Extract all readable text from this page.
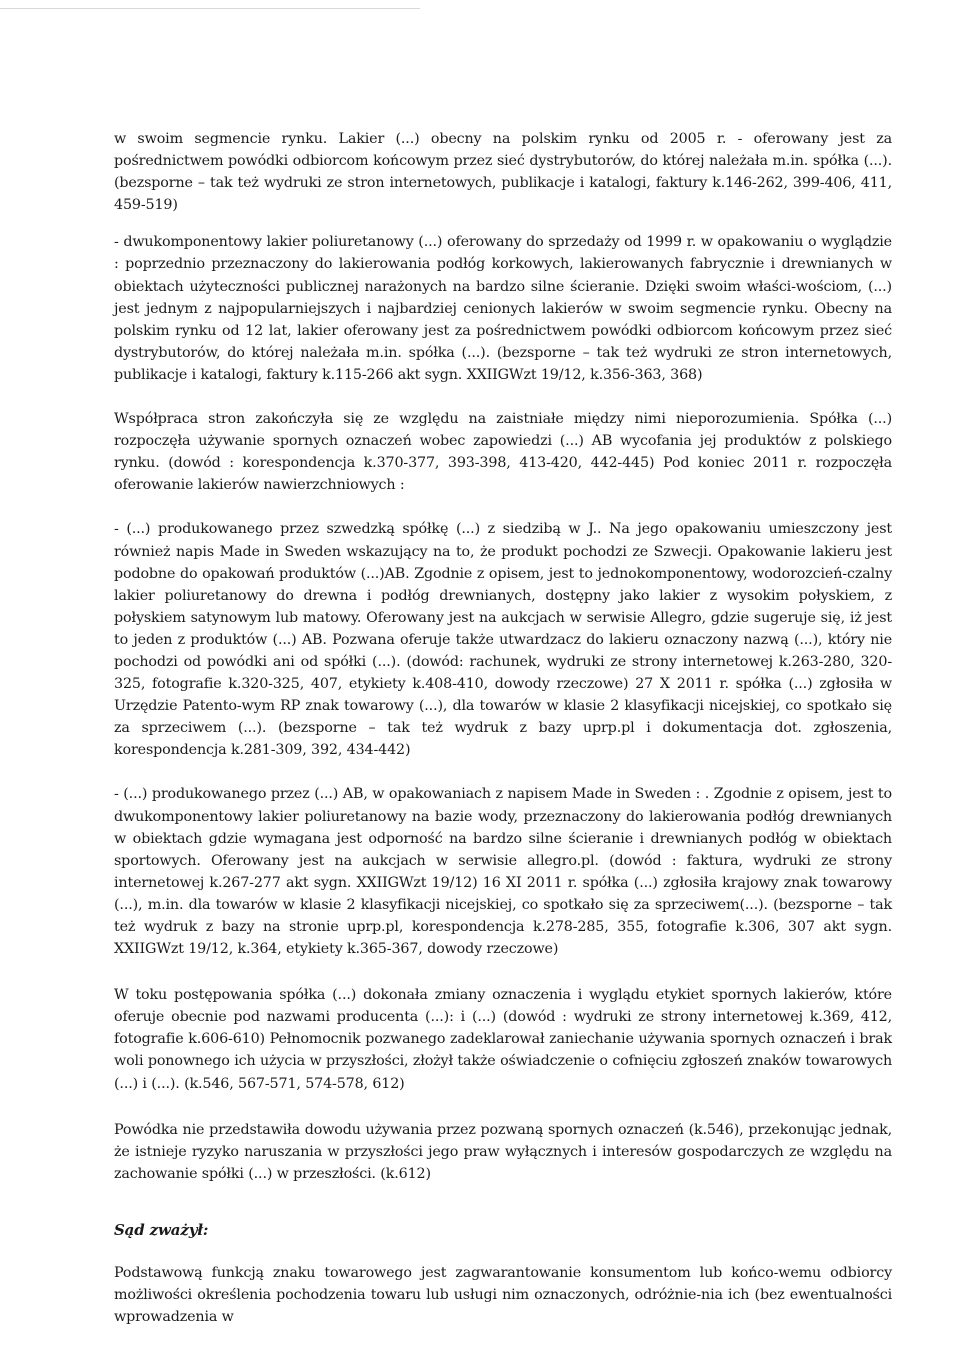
w swoim segmencie rynku. Lakier (...) obecny na polskim rynku od 2005 r. - oferowany jest za pośrednictwem powódki odbiorcom końcowym przez sieć dystrybutorów, do której należała m.in. spółka (...). (bezsporne – tak też wydruki ze stron internetowych, publikacje i katalogi, faktury k.146-262, 399-406, 411, 459-519)

- dwukomponentowy lakier poliuretanowy (...) oferowany do sprzedaży od 1999 r. w opakowaniu o wyglądzie : poprzednio przeznaczony do lakierowania podłóg korkowych, lakierowanych fabrycznie i drewnianych w obiektach użyteczności publicznej narażonych na bardzo silne ścieranie. Dzięki swoim właści-wościom, (...) jest jednym z najpopularniejszych i najbardziej cenionych lakierów w swoim segmencie rynku. Obecny na polskim rynku od 12 lat, lakier oferowany jest za pośrednictwem powódki odbiorcom końcowym przez sieć dystrybutorów, do której należała m.in. spółka (...). (bezsporne – tak też wydruki ze stron internetowych, publikacje i katalogi, faktury k.115-266 akt sygn. XXIIGWzt 19/12, k.356-363, 368)

Współpraca stron zakończyła się ze względu na zaistniałe między nimi nieporozumienia. Spółka (...) rozpoczęła używanie spornych oznaczeń wobec zapowiedzi (...) AB wycofania jej produktów z polskiego rynku. (dowód : korespondencja k.370-377, 393-398, 413-420, 442-445) Pod koniec 2011 r. rozpoczęła oferowanie lakierów nawierzchniowych :

- (...) produkowanego przez szwedzką spółkę (...) z siedzibą w J.. Na jego opakowaniu umieszczony jest również napis Made in Sweden wskazujący na to, że produkt pochodzi ze Szwecji. Opakowanie lakieru jest podobne do opakowań produktów (...)AB. Zgodnie z opisem, jest to jednokomponentowy, wodorozcień-czalny lakier poliuretanowy do drewna i podłóg drewnianych, dostępny jako lakier z wysokim połyskiem, z połyskiem satynowym lub matowy. Oferowany jest na aukcjach w serwisie Allegro, gdzie sugeruje się, iż jest to jeden z produktów (...) AB. Pozwana oferuje także utwardzacz do lakieru oznaczony nazwą (...), który nie pochodzi od powódki ani od spółki (...). (dowód: rachunek, wydruki ze strony internetowej k.263-280, 320-325, fotografie k.320-325, 407, etykiety k.408-410, dowody rzeczowe) 27 X 2011 r. spółka (...) zgłosiła w Urzędzie Patento-wym RP znak towarowy (...), dla towarów w klasie 2 klasyfikacji nicejskiej, co spotkało się za sprzeciwem (...). (bezsporne – tak też wydruk z bazy uprp.pl i dokumentacja dot. zgłoszenia, korespondencja k.281-309, 392, 434-442)

- (...) produkowanego przez (...) AB, w opakowaniach z napisem Made in Sweden : . Zgodnie z opisem, jest to dwukomponentowy lakier poliuretanowy na bazie wody, przeznaczony do lakierowania podłóg drewnianych w obiektach gdzie wymagana jest odporność na bardzo silne ścieranie i drewnianych podłóg w obiektach sportowych. Oferowany jest na aukcjach w serwisie allegro.pl. (dowód : faktura, wydruki ze strony internetowej k.267-277 akt sygn. XXIIGWzt 19/12) 16 XI 2011 r. spółka (...) zgłosiła krajowy znak towarowy (...), m.in. dla towarów w klasie 2 klasyfikacji nicejskiej, co spotkało się za sprzeciwem(...). (bezsporne – tak też wydruk z bazy na stronie uprp.pl, korespondencja k.278-285, 355, fotografie k.306, 307 akt sygn. XXIIGWzt 19/12, k.364, etykiety k.365-367, dowody rzeczowe)

W toku postępowania spółka (...) dokonała zmiany oznaczenia i wyglądu etykiet spornych lakierów, które oferuje obecnie pod nazwami producenta (...): i (...) (dowód : wydruki ze strony internetowej k.369, 412, fotografie k.606-610) Pełnomocnik pozwanego zadeklarował zaniechanie używania spornych oznaczeń i brak woli ponownego ich użycia w przyszłości, złożył także oświadczenie o cofnięciu zgłoszeń znaków towarowych (...) i (...). (k.546, 567-571, 574-578, 612)

Powódka nie przedstawiła dowodu używania przez pozwaną spornych oznaczeń (k.546), przekonując jednak, że istnieje ryzyko naruszania w przyszłości jego praw wyłącznych i interesów gospodarczych ze względu na zachowanie spółki (...) w przeszłości. (k.612)

Sąd zważył:

Podstawową funkcją znaku towarowego jest zagwarantowanie konsumentom lub końco-wemu odbiorcy możliwości określenia pochodzenia towaru lub usługi nim oznaczonych, odróżnie-nia ich (bez ewentualności wprowadzenia w
